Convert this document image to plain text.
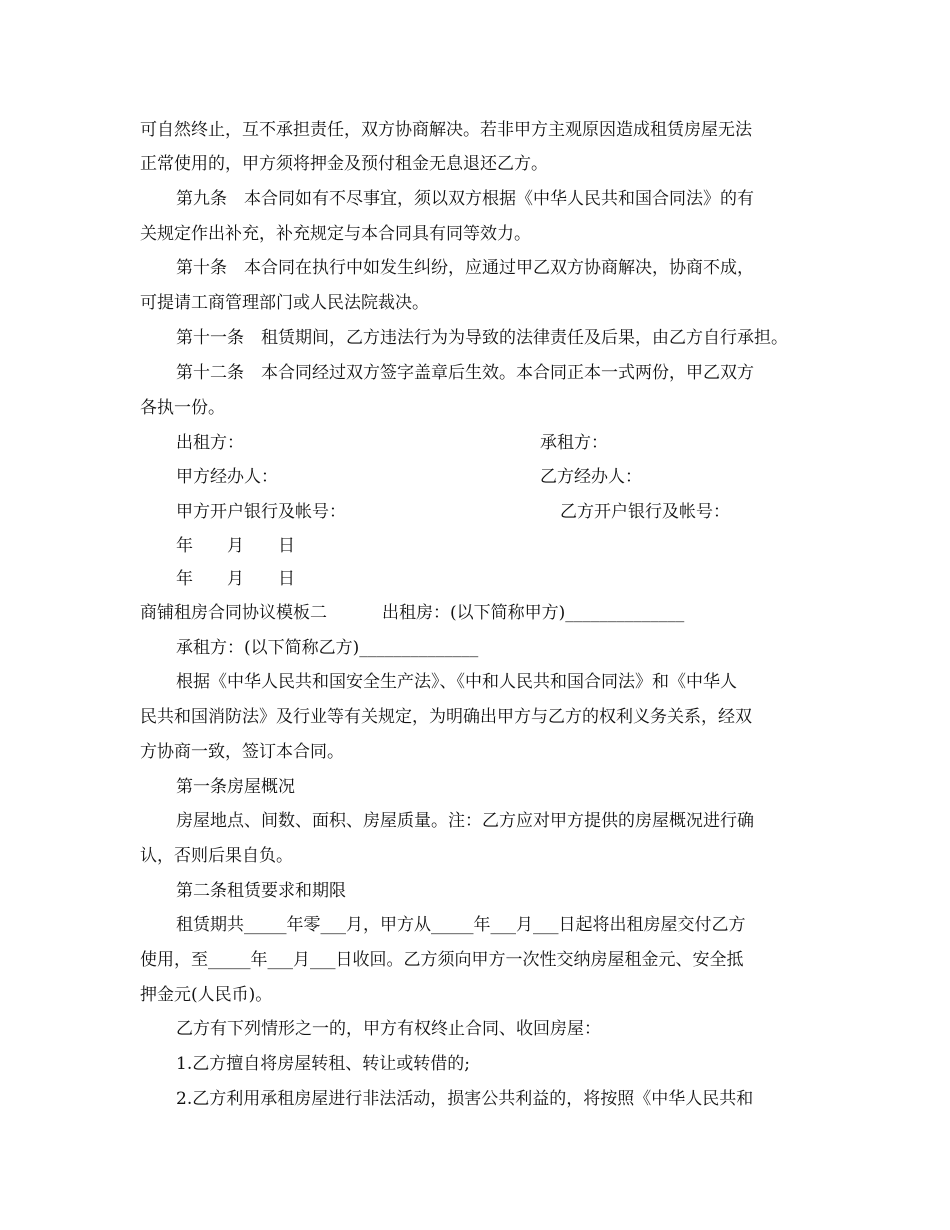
可自然终止，互不承担责任，双方协商解决。若非甲方主观原因造成租赁房屋无法
正常使用的，甲方须将押金及预付租金无息退还乙方。
第九条　本合同如有不尽事宜，须以双方根据《中华人民共和国合同法》的有
关规定作出补充，补充规定与本合同具有同等效力。
第十条　本合同在执行中如发生纠纷，应通过甲乙双方协商解决，协商不成，
可提请工商管理部门或人民法院裁决。
第十一条　租赁期间，乙方违法行为为导致的法律责任及后果，由乙方自行承担。
第十二条　本合同经过双方签字盖章后生效。本合同正本一式两份，甲乙双方
各执一份。
出租方：	承租方：
甲方经办人：	乙方经办人：
甲方开户银行及帐号：	乙方开户银行及帐号：
年　　月　　日
年　　月　　日
商铺租房合同协议模板二	出租房：(以下简称甲方)______________
承租方：(以下简称乙方)______________
根据《中华人民共和国安全生产法》、《中和人民共和国合同法》和《中华人
民共和国消防法》及行业等有关规定，为明确出甲方与乙方的权利义务关系，经双
方协商一致，签订本合同。
第一条房屋概况
房屋地点、间数、面积、房屋质量。注：乙方应对甲方提供的房屋概况进行确
认，否则后果自负。
第二条租赁要求和期限
租赁期共_____年零___月，甲方从_____年___月___日起将出租房屋交付乙方
使用，至_____年___月___日收回。乙方须向甲方一次性交纳房屋租金元、安全抵
押金元(人民币)。
乙方有下列情形之一的，甲方有权终止合同、收回房屋：
1.乙方擅自将房屋转租、转让或转借的;
2.乙方利用承租房屋进行非法活动，损害公共利益的，将按照《中华人民共和
